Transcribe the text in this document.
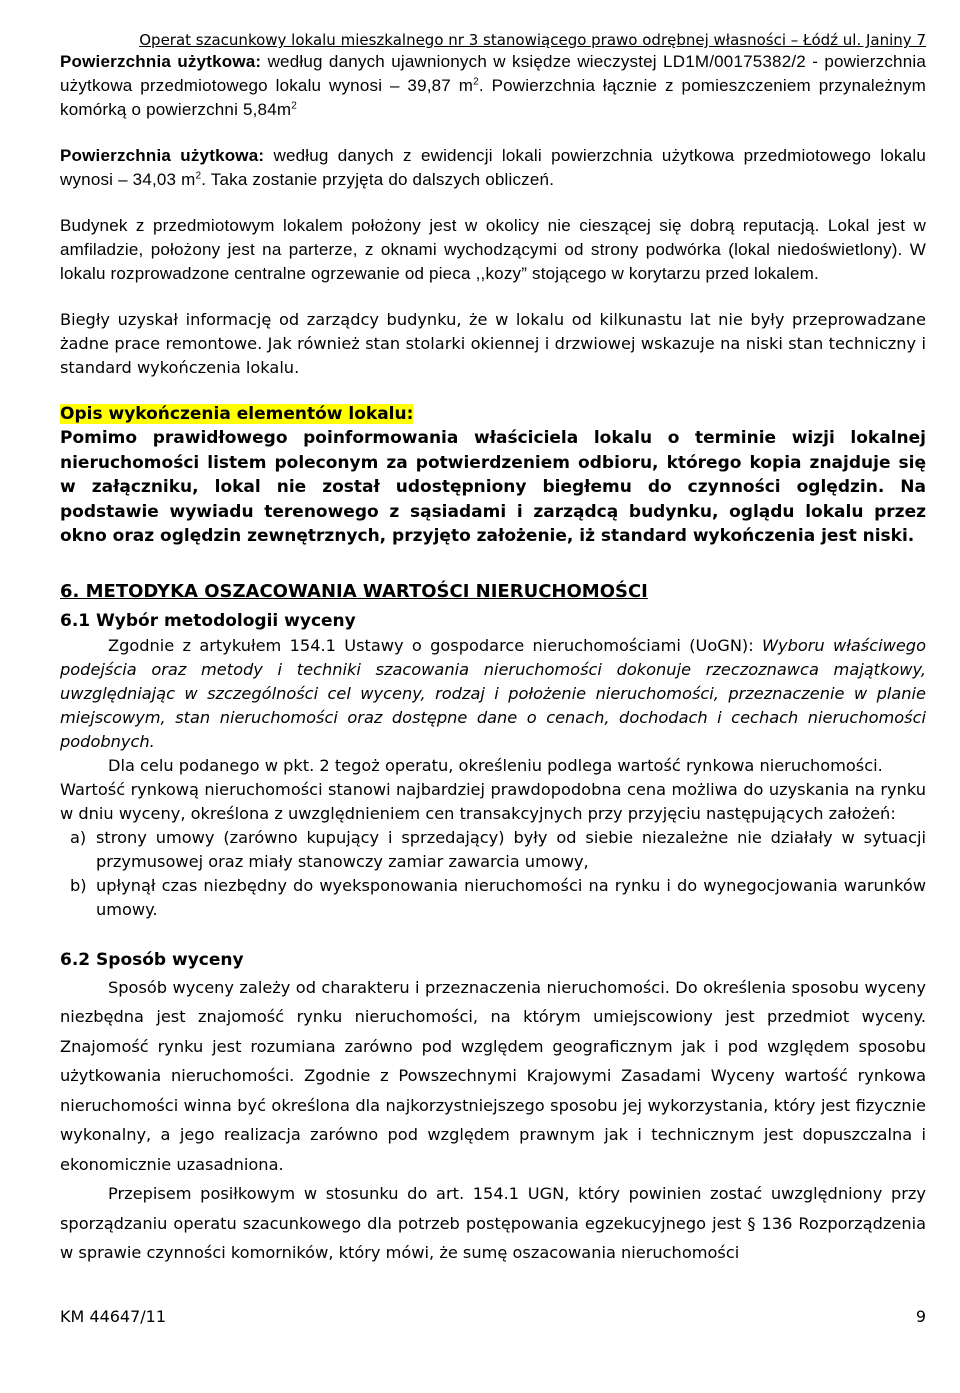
Operat szacunkowy lokalu mieszkalnego nr 3 stanowiącego prawo odrębnej własności – Łódź ul. Janiny 7

Powierzchnia użytkowa: według danych ujawnionych w księdze wieczystej LD1M/00175382/2 - powierzchnia użytkowa przedmiotowego lokalu wynosi – 39,87 $m^2$. Powierzchnia łącznie z pomieszczeniem przynależnym komórką o powierzchni $5,84m^2$

Powierzchnia użytkowa: według danych z ewidencji lokali powierzchnia użytkowa przedmiotowego lokalu wynosi – 34,03 $m^2$. Taka zostanie przyjęta do dalszych obliczeń.

Budynek z przedmiotowym lokalem położony jest w okolicy nie cieszącej się dobrą reputacją. Lokal jest w amfiladzie, położony jest na parterze, z oknami wychodzącymi od strony podwórka (lokal niedoświetlony). W lokalu rozprowadzone centralne ogrzewanie od pieca ,,kozy” stojącego w korytarzu przed lokalem.

Biegły uzyskał informację od zarządcy budynku, że w lokalu od kilkunastu lat nie były przeprowadzane żadne prace remontowe. Jak również stan stolarki okiennej i drzwiowej wskazuje na niski stan techniczny i standard wykończenia lokalu.

Opis wykończenia elementów lokalu:

Pomimo prawidłowego poinformowania właściciela lokalu o terminie wizji lokalnej nieruchomości listem poleconym za potwierdzeniem odbioru, którego kopia znajduje się w załączniku, lokal nie został udostępniony biegłemu do czynności oględzin. Na podstawie wywiadu terenowego z sąsiadami i zarządcą budynku, oglądu lokalu przez okno oraz oględzin zewnętrznych, przyjęto założenie, iż standard wykończenia jest niski.

6. METODYKA OSZACOWANIA WARTOŚCI NIERUCHOMOŚCI

6.1 Wybór metodologii wyceny

Zgodnie z artykułem 154.1 Ustawy o gospodarce nieruchomościami (UoGN): Wyboru właściwego podejścia oraz metody i techniki szacowania nieruchomości dokonuje rzeczoznawca majątkowy, uwzględniając w szczególności cel wyceny, rodzaj i położenie nieruchomości, przeznaczenie w planie miejscowym, stan nieruchomości oraz dostępne dane o cenach, dochodach i cechach nieruchomości podobnych.

Dla celu podanego w pkt. 2 tegoż operatu, określeniu podlega wartość rynkowa nieruchomości.

Wartość rynkową nieruchomości stanowi najbardziej prawdopodobna cena możliwa do uzyskania na rynku w dniu wyceny, określona z uwzględnieniem cen transakcyjnych przy przyjęciu następujących założeń:

a) strony umowy (zarówno kupujący i sprzedający) były od siebie niezależne nie działały w sytuacji przymusowej oraz miały stanowczy zamiar zawarcia umowy,
b) upłynął czas niezbędny do wyeksponowania nieruchomości na rynku i do wynegocjowania warunków umowy.

6.2 Sposób wyceny

Sposób wyceny zależy od charakteru i przeznaczenia nieruchomości. Do określenia sposobu wyceny niezbędna jest znajomość rynku nieruchomości, na którym umiejscowiony jest przedmiot wyceny. Znajomość rynku jest rozumiana zarówno pod względem geograficznym jak i pod względem sposobu użytkowania nieruchomości. Zgodnie z Powszechnymi Krajowymi Zasadami Wyceny wartość rynkowa nieruchomości winna być określona dla najkorzystniejszego sposobu jej wykorzystania, który jest fizycznie wykonalny, a jego realizacja zarówno pod względem prawnym jak i technicznym jest dopuszczalna i ekonomicznie uzasadniona.

Przepisem posiłkowym w stosunku do art. 154.1 UGN, który powinien zostać uwzględniony przy sporządzaniu operatu szacunkowego dla potrzeb postępowania egzekucyjnego jest § 136 Rozporządzenia w sprawie czynności komorników, który mówi, że sumę oszacowania nieruchomości

KM 44647/11	9
